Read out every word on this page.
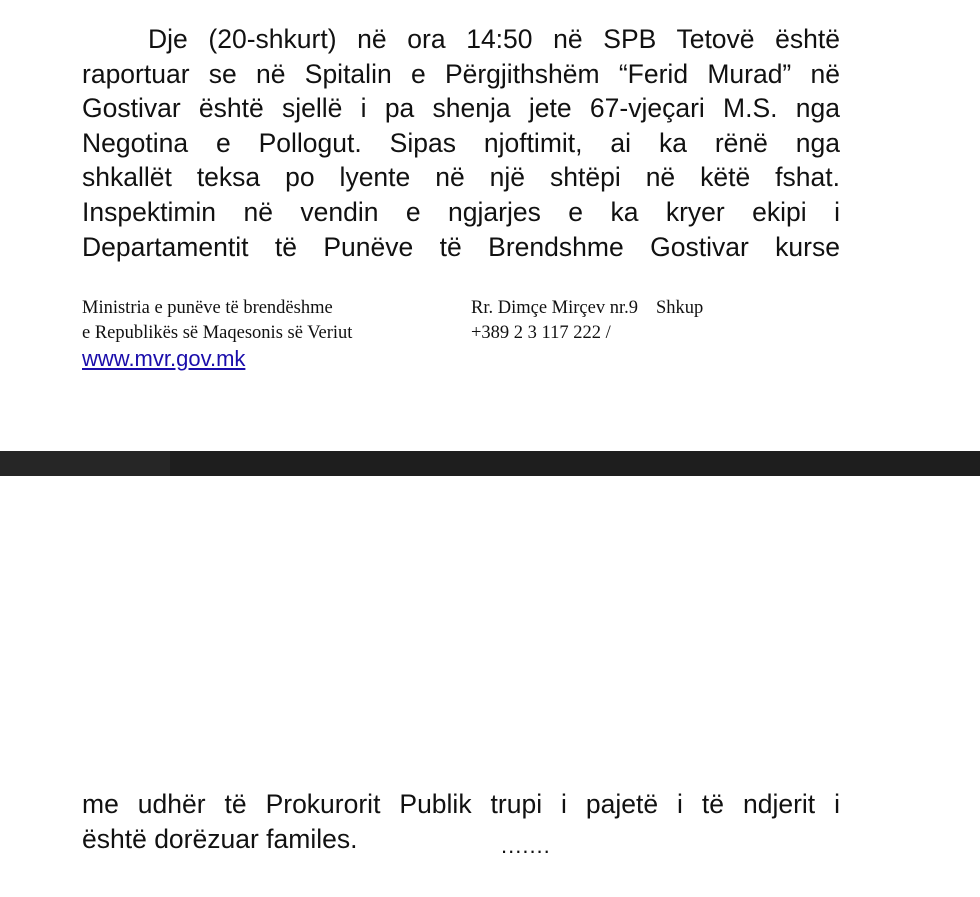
Dje (20-shkurt) në ora 14:50 në SPB Tetovë është
raportuar se në Spitalin e Përgjithshëm “Ferid Murad” në
Gostivar është sjellë i pa shenja jete 67-vjeçari M.S. nga
Negotina e Pollogut. Sipas njoftimit, ai ka rënë nga
shkallët teksa po lyente në një shtëpi në këtë fshat.
Inspektimin në vendin e ngjarjes e ka kryer ekipi i
Departamentit të Punëve të Brendshme Gostivar kurse
Ministria e punëve të brendëshme
e Republikës së Maqesonis së Veriut
Rr. Dimçe Mirçev nr.9 Shkup
+389 2 3 117 222 /
www.mvr.gov.mk
me udhër të Prokurorit Publik trupi i pajetë i të ndjerit i
është dorëzuar familes.	.......
